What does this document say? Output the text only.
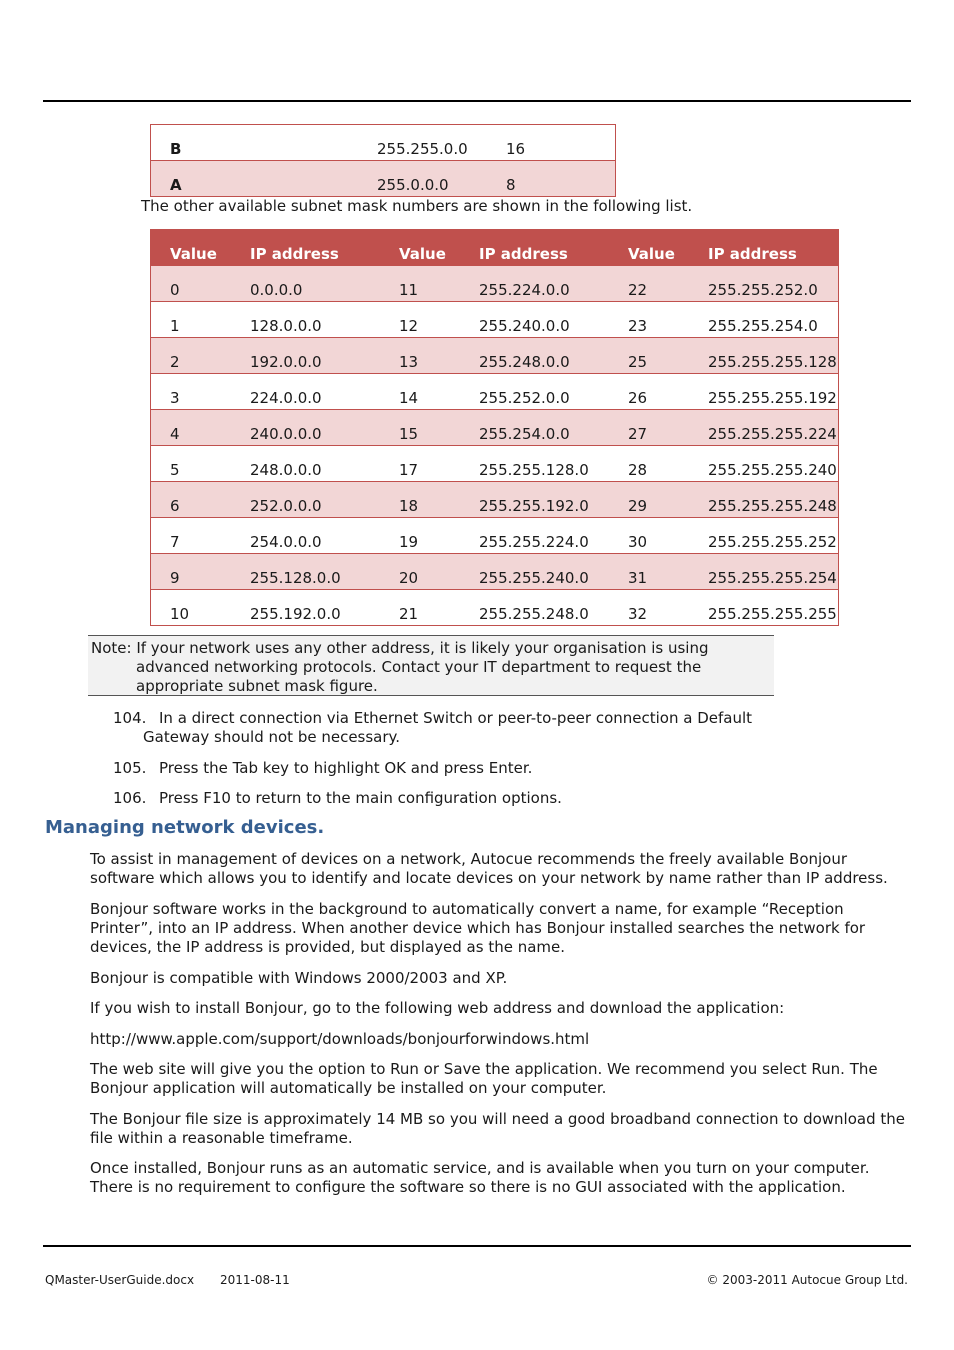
B	255.255.0.0	16
A	255.0.0.0	8
The other available subnet mask numbers are shown in the following list.
Value	IP address	Value	IP address	Value	IP address
0	0.0.0.0	11	255.224.0.0	22	255.255.252.0
1	128.0.0.0	12	255.240.0.0	23	255.255.254.0
2	192.0.0.0	13	255.248.0.0	25	255.255.255.128
3	224.0.0.0	14	255.252.0.0	26	255.255.255.192
4	240.0.0.0	15	255.254.0.0	27	255.255.255.224
5	248.0.0.0	17	255.255.128.0	28	255.255.255.240
6	252.0.0.0	18	255.255.192.0	29	255.255.255.248
7	254.0.0.0	19	255.255.224.0	30	255.255.255.252
9	255.128.0.0	20	255.255.240.0	31	255.255.255.254
10	255.192.0.0	21	255.255.248.0	32	255.255.255.255
Note: If your network uses any other address, it is likely your organisation is using
advanced networking protocols. Contact your IT department to request the
appropriate subnet mask figure.
104. In a direct connection via Ethernet Switch or peer-to-peer connection a Default
Gateway should not be necessary.
105. Press the Tab key to highlight OK and press Enter.
106. Press F10 to return to the main configuration options.
Managing network devices.
To assist in management of devices on a network, Autocue recommends the freely available Bonjour software which allows you to identify and locate devices on your network by name rather than IP address.
Bonjour software works in the background to automatically convert a name, for example “Reception Printer”, into an IP address. When another device which has Bonjour installed searches the network for devices, the IP address is provided, but displayed as the name.
Bonjour is compatible with Windows 2000/2003 and XP.
If you wish to install Bonjour, go to the following web address and download the application:
http://www.apple.com/support/downloads/bonjourforwindows.html
The web site will give you the option to Run or Save the application. We recommend you select Run. The Bonjour application will automatically be installed on your computer.
The Bonjour file size is approximately 14 MB so you will need a good broadband connection to download the file within a reasonable timeframe.
Once installed, Bonjour runs as an automatic service, and is available when you turn on your computer. There is no requirement to configure the software so there is no GUI associated with the application.
QMaster-UserGuide.docx 2011-08-11	© 2003-2011 Autocue Group Ltd.
